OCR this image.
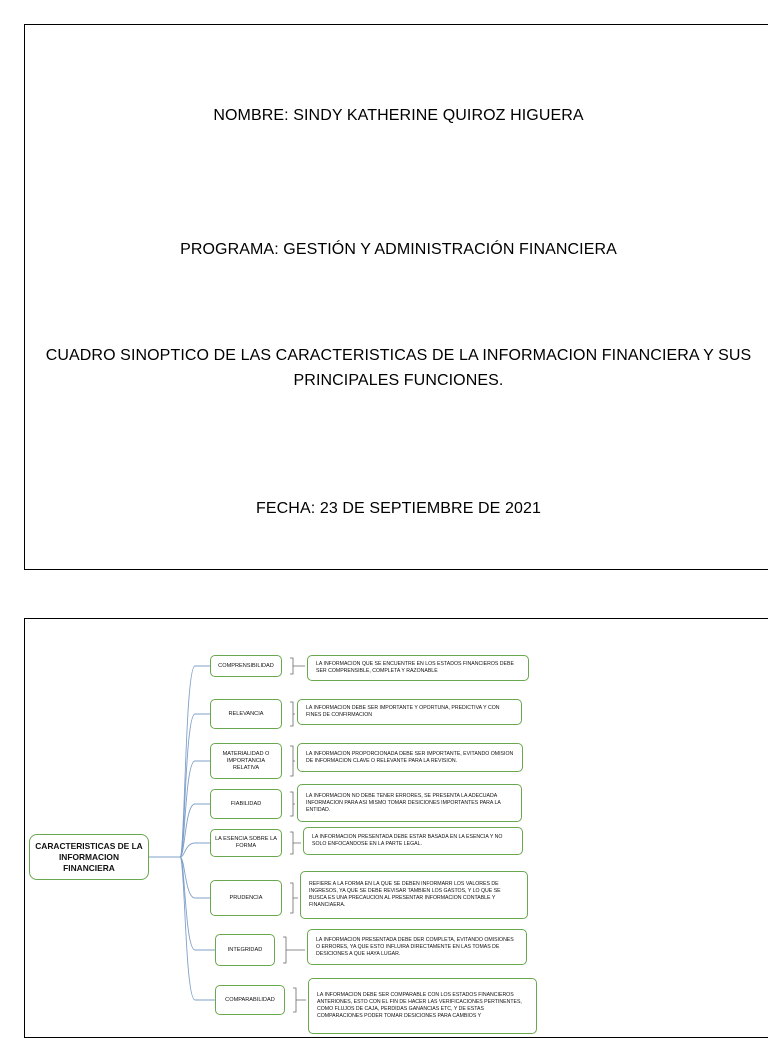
NOMBRE: SINDY KATHERINE QUIROZ HIGUERA
PROGRAMA: GESTIÓN Y ADMINISTRACIÓN FINANCIERA
CUADRO SINOPTICO DE LAS CARACTERISTICAS DE LA INFORMACION FINANCIERA Y SUS PRINCIPALES FUNCIONES.
FECHA: 23 DE SEPTIEMBRE DE 2021
CARACTERISTICAS DE LA INFORMACION FINANCIERA
COMPRENSIBILIDAD	LA INFORMACION QUE SE ENCUENTRE EN LOS ESTADOS FINANCIEROS DEBE SER COMPRENSIBLE, COMPLETA Y RAZONABLE
RELEVANCIA
LA INFORMACION DEBE SER IMPORTANTE Y OPORTUNA, PREDICTIVA Y CON FINES DE CONFIRMACION
MATERIALIDAD O IMPORTANCIA RELATIVA
LA INFORMACION PROPORCIONADA DEBE SER IMPORTANTE, EVITANDO OMISION DE INFORMACION CLAVE O RELEVANTE PARA LA REVISION.
FIABILIDAD
LA INFORMACION NO DEBE TENER ERRORES, SE PRESENTA LA ADECUADA INFORMACION PARA ASI MISMO TOMAR DESICIONES IMPORTANTES PARA LA ENTIDAD.
LA ESENCIA SOBRE LA FORMA
LA INFORMACION PRESENTADA DEBE ESTAR BASADA EN LA ESENCIA Y NO SOLO ENFOCANDOSE EN LA PARTE LEGAL.
PRUDENCIA
REFIERE A LA FORMA EN LA QUE SE DEBEN INFORMARR LOS VALORES DE INGRESOS, YA QUE SE DEBE REVISAR TAMBIEN LOS GASTOS, Y LO QUE SE BUSCA ES UNA PRECAUCION AL PRESENTAR INFORMACION CONTABLE Y FINANCIAERA.
INTEGRIDAD
LA INFORMACION PRESENTADA DEBE DER COMPLETA, EVITANDO OMISIONES O ERRORES, YA QUE ESTO INFLUIRA DIRECTAMENTE EN LAS TOMAS DE DESICIONES A QUE HAYA LUGAR.
COMPARABILIDAD
LA INFORMACION DEBE SER COMPARABLE CON LOS ESTADOS FINANCIEROS ANTERIONES, ESTO CON EL FIN DE HACER LAS VERIFICACIONES PERTINENTES, COMO FLUJOS DE CAJA, PERDIDAS GANANCIAS ETC, Y DE ESTAS COMPARACIONES PODER TOMAR DESICIONES PARA CAMBIOS Y
